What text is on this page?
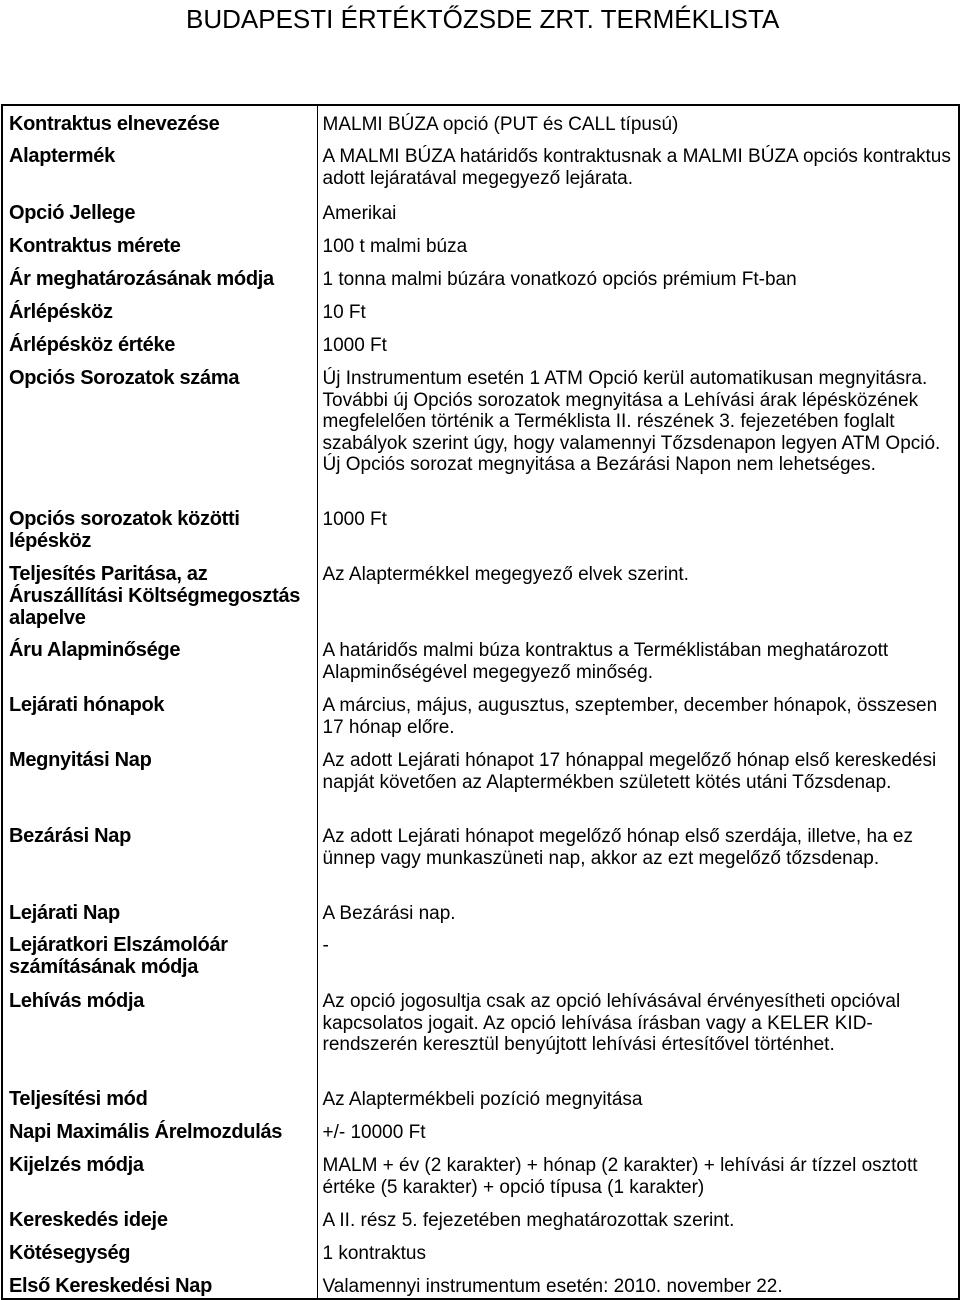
BUDAPESTI ÉRTÉKTŐZSDE ZRT. TERMÉKLISTA
Kontraktus elnevezése	MALMI BÚZA opció (PUT és CALL típusú)
Alaptermék	A MALMI BÚZA határidős kontraktusnak a MALMI BÚZA opciós kontraktus adott lejáratával megegyező lejárata.
Opció Jellege	Amerikai
Kontraktus mérete	100 t malmi búza
Ár meghatározásának módja	1 tonna malmi búzára vonatkozó opciós prémium Ft-ban
Árlépésköz	10 Ft
Árlépésköz értéke	1000 Ft
Opciós Sorozatok száma	Új Instrumentum esetén 1 ATM Opció kerül automatikusan megnyitásra. További új Opciós sorozatok megnyitása a Lehívási árak lépésközének megfelelően történik a Terméklista II. részének 3. fejezetében foglalt szabályok szerint úgy, hogy valamennyi Tőzsdenapon legyen ATM Opció. Új Opciós sorozat megnyitása a Bezárási Napon nem lehetséges.
Opciós sorozatok közötti lépésköz	1000 Ft
Teljesítés Paritása, az Áruszállítási Költségmegosztás alapelve	Az Alaptermékkel megegyező elvek szerint.
Áru Alapminősége	A határidős malmi búza kontraktus a Terméklistában meghatározott Alapminőségével megegyező minőség.
Lejárati hónapok	A március, május, augusztus, szeptember, december hónapok, összesen 17 hónap előre.
Megnyitási Nap	Az adott Lejárati hónapot 17 hónappal megelőző hónap első kereskedési napját követően az Alaptermékben született kötés utáni Tőzsdenap.
Bezárási Nap	Az adott Lejárati hónapot megelőző hónap első szerdája, illetve, ha ez ünnep vagy munkaszüneti nap, akkor az ezt megelőző tőzsdenap.
Lejárati Nap	A Bezárási nap.
Lejáratkori Elszámolóár számításának módja	-
Lehívás módja	Az opció jogosultja csak az opció lehívásával érvényesítheti opcióval kapcsolatos jogait. Az opció lehívása írásban vagy a KELER KID-rendszerén keresztül benyújtott lehívási értesítővel történhet.
Teljesítési mód	Az Alaptermékbeli pozíció megnyitása
Napi Maximális Árelmozdulás	+/- 10000 Ft
Kijelzés módja	MALM + év (2 karakter) + hónap (2 karakter) + lehívási ár tízzel osztott értéke (5 karakter) + opció típusa (1 karakter)
Kereskedés ideje	A II. rész 5. fejezetében meghatározottak szerint.
Kötésegység	1 kontraktus
Első Kereskedési Nap	Valamennyi instrumentum esetén: 2010. november 22.
